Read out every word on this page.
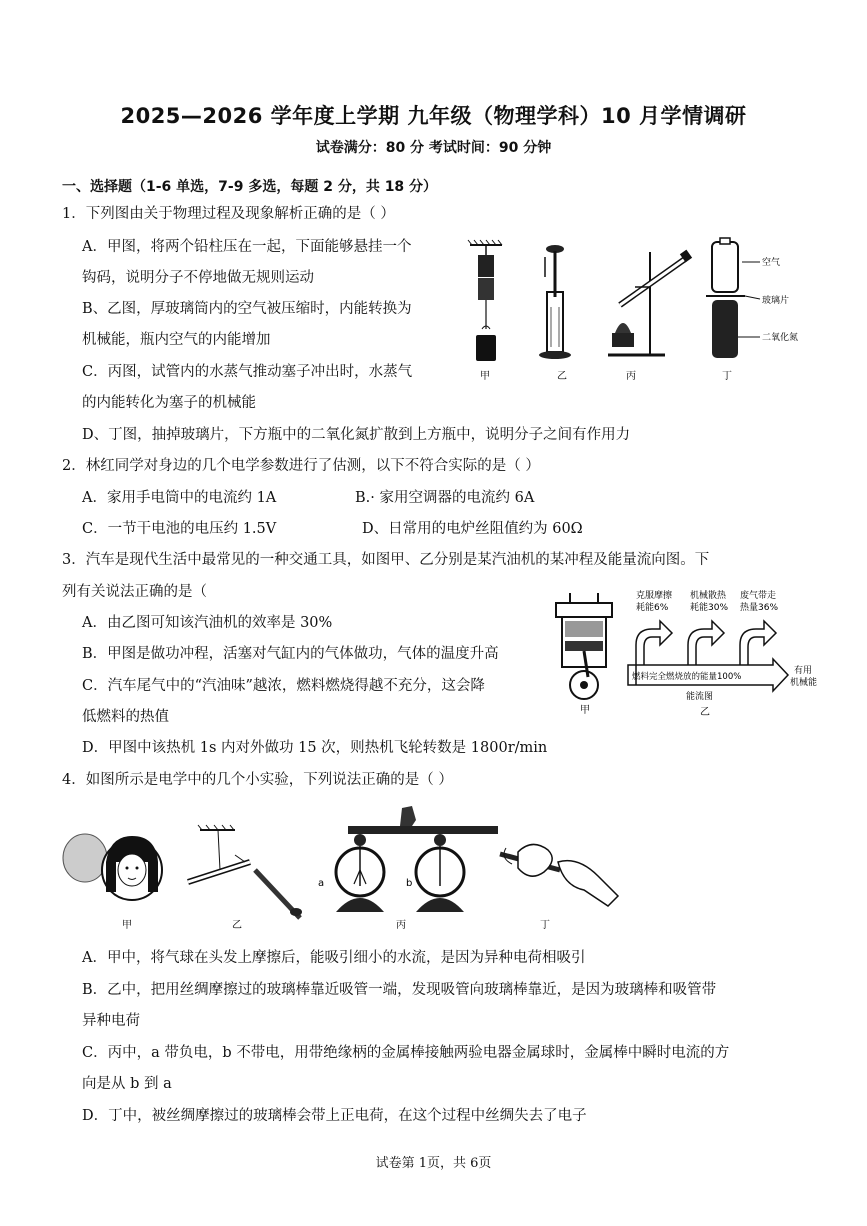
2025—2026 学年度上学期 九年级（物理学科）10 月学情调研
试卷满分：80 分 考试时间：90 分钟
一、选择题（1-6 单选，7-9 多选，每题 2 分，共 18 分）
1．下列图由关于物理过程及现象解析正确的是（ ）
A．甲图，将两个铅柱压在一起，下面能够悬挂一个
钩码，说明分子不停地做无规则运动
B、乙图，厚玻璃筒内的空气被压缩时，内能转换为
机械能，瓶内空气的内能增加
C．丙图，试管内的水蒸气推动塞子冲出时，水蒸气
的内能转化为塞子的机械能
D、丁图，抽掉玻璃片，下方瓶中的二氧化氮扩散到上方瓶中，说明分子之间有作用力
空气
玻璃片
二氧化氮
甲	乙	丙	丁
2．林红同学对身边的几个电学参数进行了估测，以下不符合实际的是（ ）
A．家用手电筒中的电流约 1A	B.· 家用空调器的电流约 6A
C．一节干电池的电压约 1.5V	D、日常用的电炉丝阻值约为 60Ω
3．汽车是现代生活中最常见的一种交通工具，如图甲、乙分别是某汽油机的某冲程及能量流向图。下
列有关说法正确的是（
A．由乙图可知该汽油机的效率是 30%
B．甲图是做功冲程，活塞对气缸内的气体做功，气体的温度升高
C．汽车尾气中的“汽油味”越浓，燃料燃烧得越不充分，这会降
低燃料的热值
D．甲图中该热机 1s 内对外做功 15 次，则热机飞轮转数是 1800r/min
甲
克服摩擦
耗能6%
机械散热
耗能30%
废气带走
热量36%
燃料完全燃烧放的能量100%
有用
机械能
能流图
乙
4．如图所示是电学中的几个小实验，下列说法正确的是（ ）
a	b
甲	乙	丙	丁
A．甲中，将气球在头发上摩擦后，能吸引细小的水流，是因为异种电荷相吸引
B．乙中，把用丝绸摩擦过的玻璃棒靠近吸管一端，发现吸管向玻璃棒靠近，是因为玻璃棒和吸管带
异种电荷
C．丙中，a 带负电，b 不带电，用带绝缘柄的金属棒接触两验电器金属球时，金属棒中瞬时电流的方
向是从 b 到 a
D．丁中，被丝绸摩擦过的玻璃棒会带上正电荷，在这个过程中丝绸失去了电子
试卷第 1页，共 6页
